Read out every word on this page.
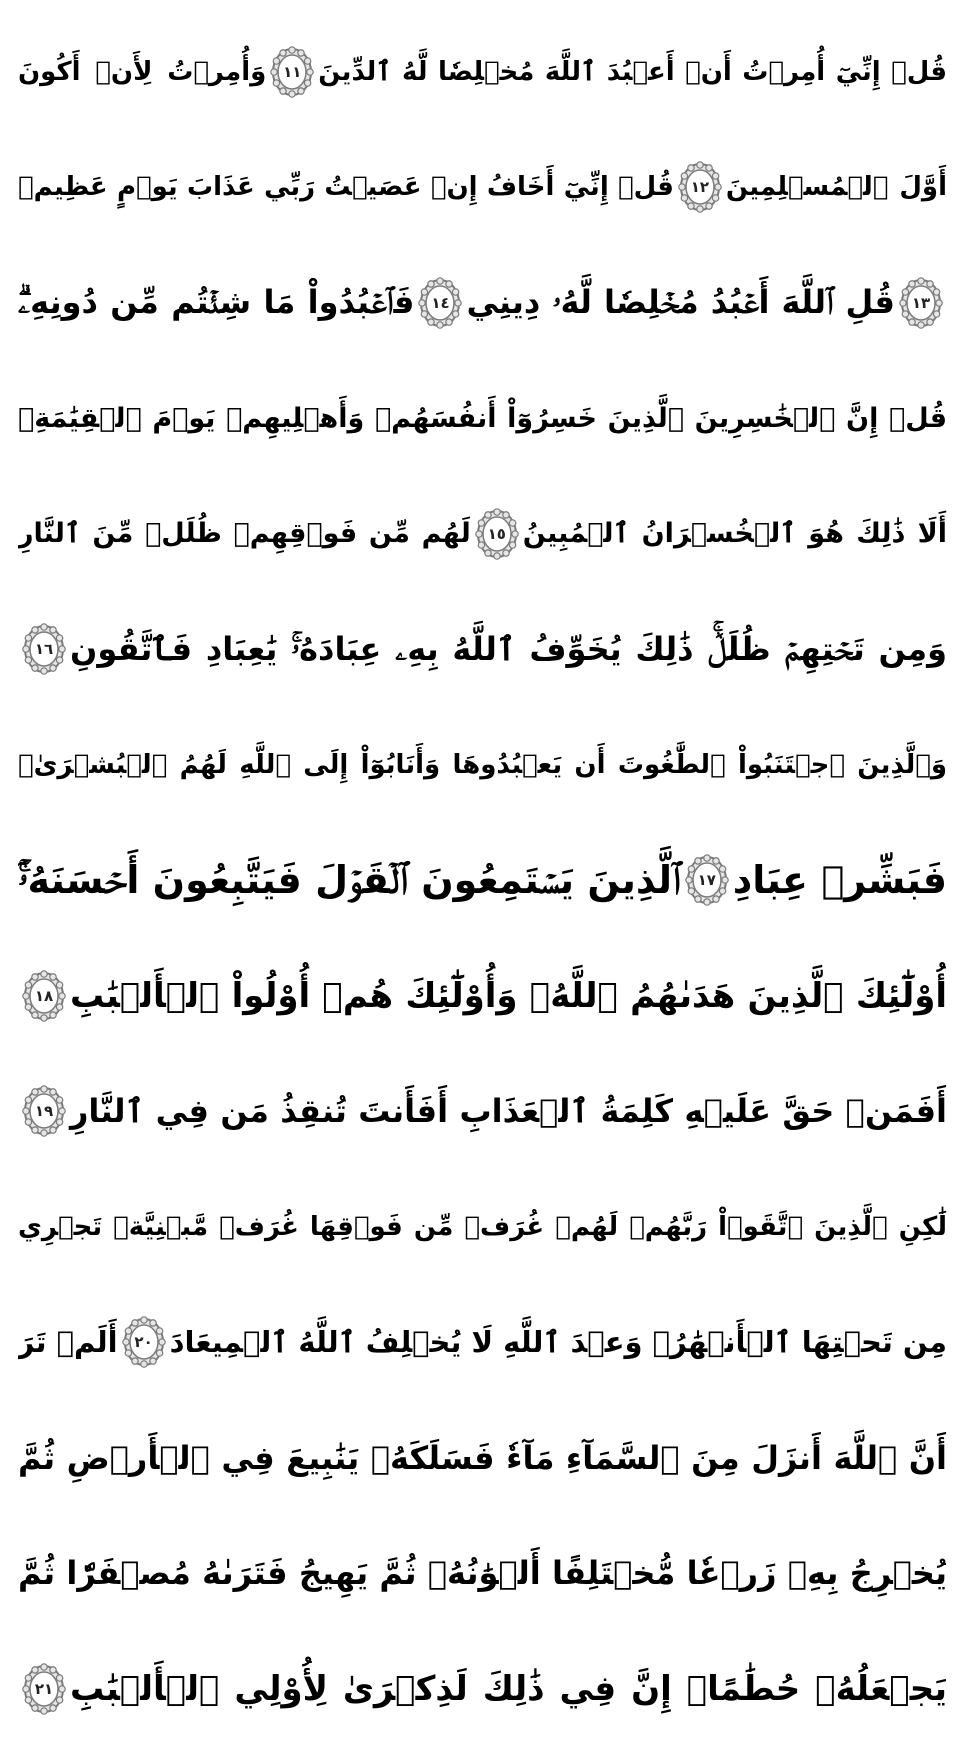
قُلۡ إِنِّيٓ أُمِرۡتُ أَنۡ أَعۡبُدَ ٱللَّهَ مُخۡلِصٗا لَّهُ ٱلدِّينَ
١١
وَأُمِرۡتُ لِأَنۡ أَكُونَ
أَوَّلَ ٱلۡمُسۡلِمِينَ
١٢
قُلۡ إِنِّيٓ أَخَافُ إِنۡ عَصَيۡتُ رَبِّي عَذَابَ يَوۡمٍ عَظِيمٖ
١٣
قُلِ ٱللَّهَ أَعۡبُدُ مُخۡلِصٗا لَّهُۥ دِينِي
١٤
فَٱعۡبُدُواْ مَا شِئۡتُم مِّن دُونِهِۦۗ
قُلۡ إِنَّ ٱلۡخَٰسِرِينَ ٱلَّذِينَ خَسِرُوٓاْ أَنفُسَهُمۡ وَأَهۡلِيهِمۡ يَوۡمَ ٱلۡقِيَٰمَةِۗ
أَلَا ذَٰلِكَ هُوَ ٱلۡخُسۡرَانُ ٱلۡمُبِينُ
١٥
لَهُم مِّن فَوۡقِهِمۡ ظُلَلٞ مِّنَ ٱلنَّارِ
وَمِن تَحۡتِهِمۡ ظُلَلٞۚ ذَٰلِكَ يُخَوِّفُ ٱللَّهُ بِهِۦ عِبَادَهُۥۚ يَٰعِبَادِ فَٱتَّقُونِ
١٦
وَٱلَّذِينَ ٱجۡتَنَبُواْ ٱلطَّٰغُوتَ أَن يَعۡبُدُوهَا وَأَنَابُوٓاْ إِلَى ٱللَّهِ لَهُمُ ٱلۡبُشۡرَىٰۚ
فَبَشِّرۡ عِبَادِ
١٧
ٱلَّذِينَ يَسۡتَمِعُونَ ٱلۡقَوۡلَ فَيَتَّبِعُونَ أَحۡسَنَهُۥٓۚ
أُوْلَٰٓئِكَ ٱلَّذِينَ هَدَىٰهُمُ ٱللَّهُۖ وَأُوْلَٰٓئِكَ هُمۡ أُوْلُواْ ٱلۡأَلۡبَٰبِ
١٨
أَفَمَنۡ حَقَّ عَلَيۡهِ كَلِمَةُ ٱلۡعَذَابِ أَفَأَنتَ تُنقِذُ مَن فِي ٱلنَّارِ
١٩
لَٰكِنِ ٱلَّذِينَ ٱتَّقَوۡاْ رَبَّهُمۡ لَهُمۡ غُرَفٞ مِّن فَوۡقِهَا غُرَفٞ مَّبۡنِيَّةٞ تَجۡرِي
مِن تَحۡتِهَا ٱلۡأَنۡهَٰرُۖ وَعۡدَ ٱللَّهِ لَا يُخۡلِفُ ٱللَّهُ ٱلۡمِيعَادَ
٢٠
أَلَمۡ تَرَ
أَنَّ ٱللَّهَ أَنزَلَ مِنَ ٱلسَّمَآءِ مَآءٗ فَسَلَكَهُۥ يَنَٰبِيعَ فِي ٱلۡأَرۡضِ ثُمَّ
يُخۡرِجُ بِهِۦ زَرۡعٗا مُّخۡتَلِفًا أَلۡوَٰنُهُۥ ثُمَّ يَهِيجُ فَتَرَىٰهُ مُصۡفَرّٗا ثُمَّ
يَجۡعَلُهُۥ حُطَٰمًاۚ إِنَّ فِي ذَٰلِكَ لَذِكۡرَىٰ لِأُوْلِي ٱلۡأَلۡبَٰبِ
٢١
